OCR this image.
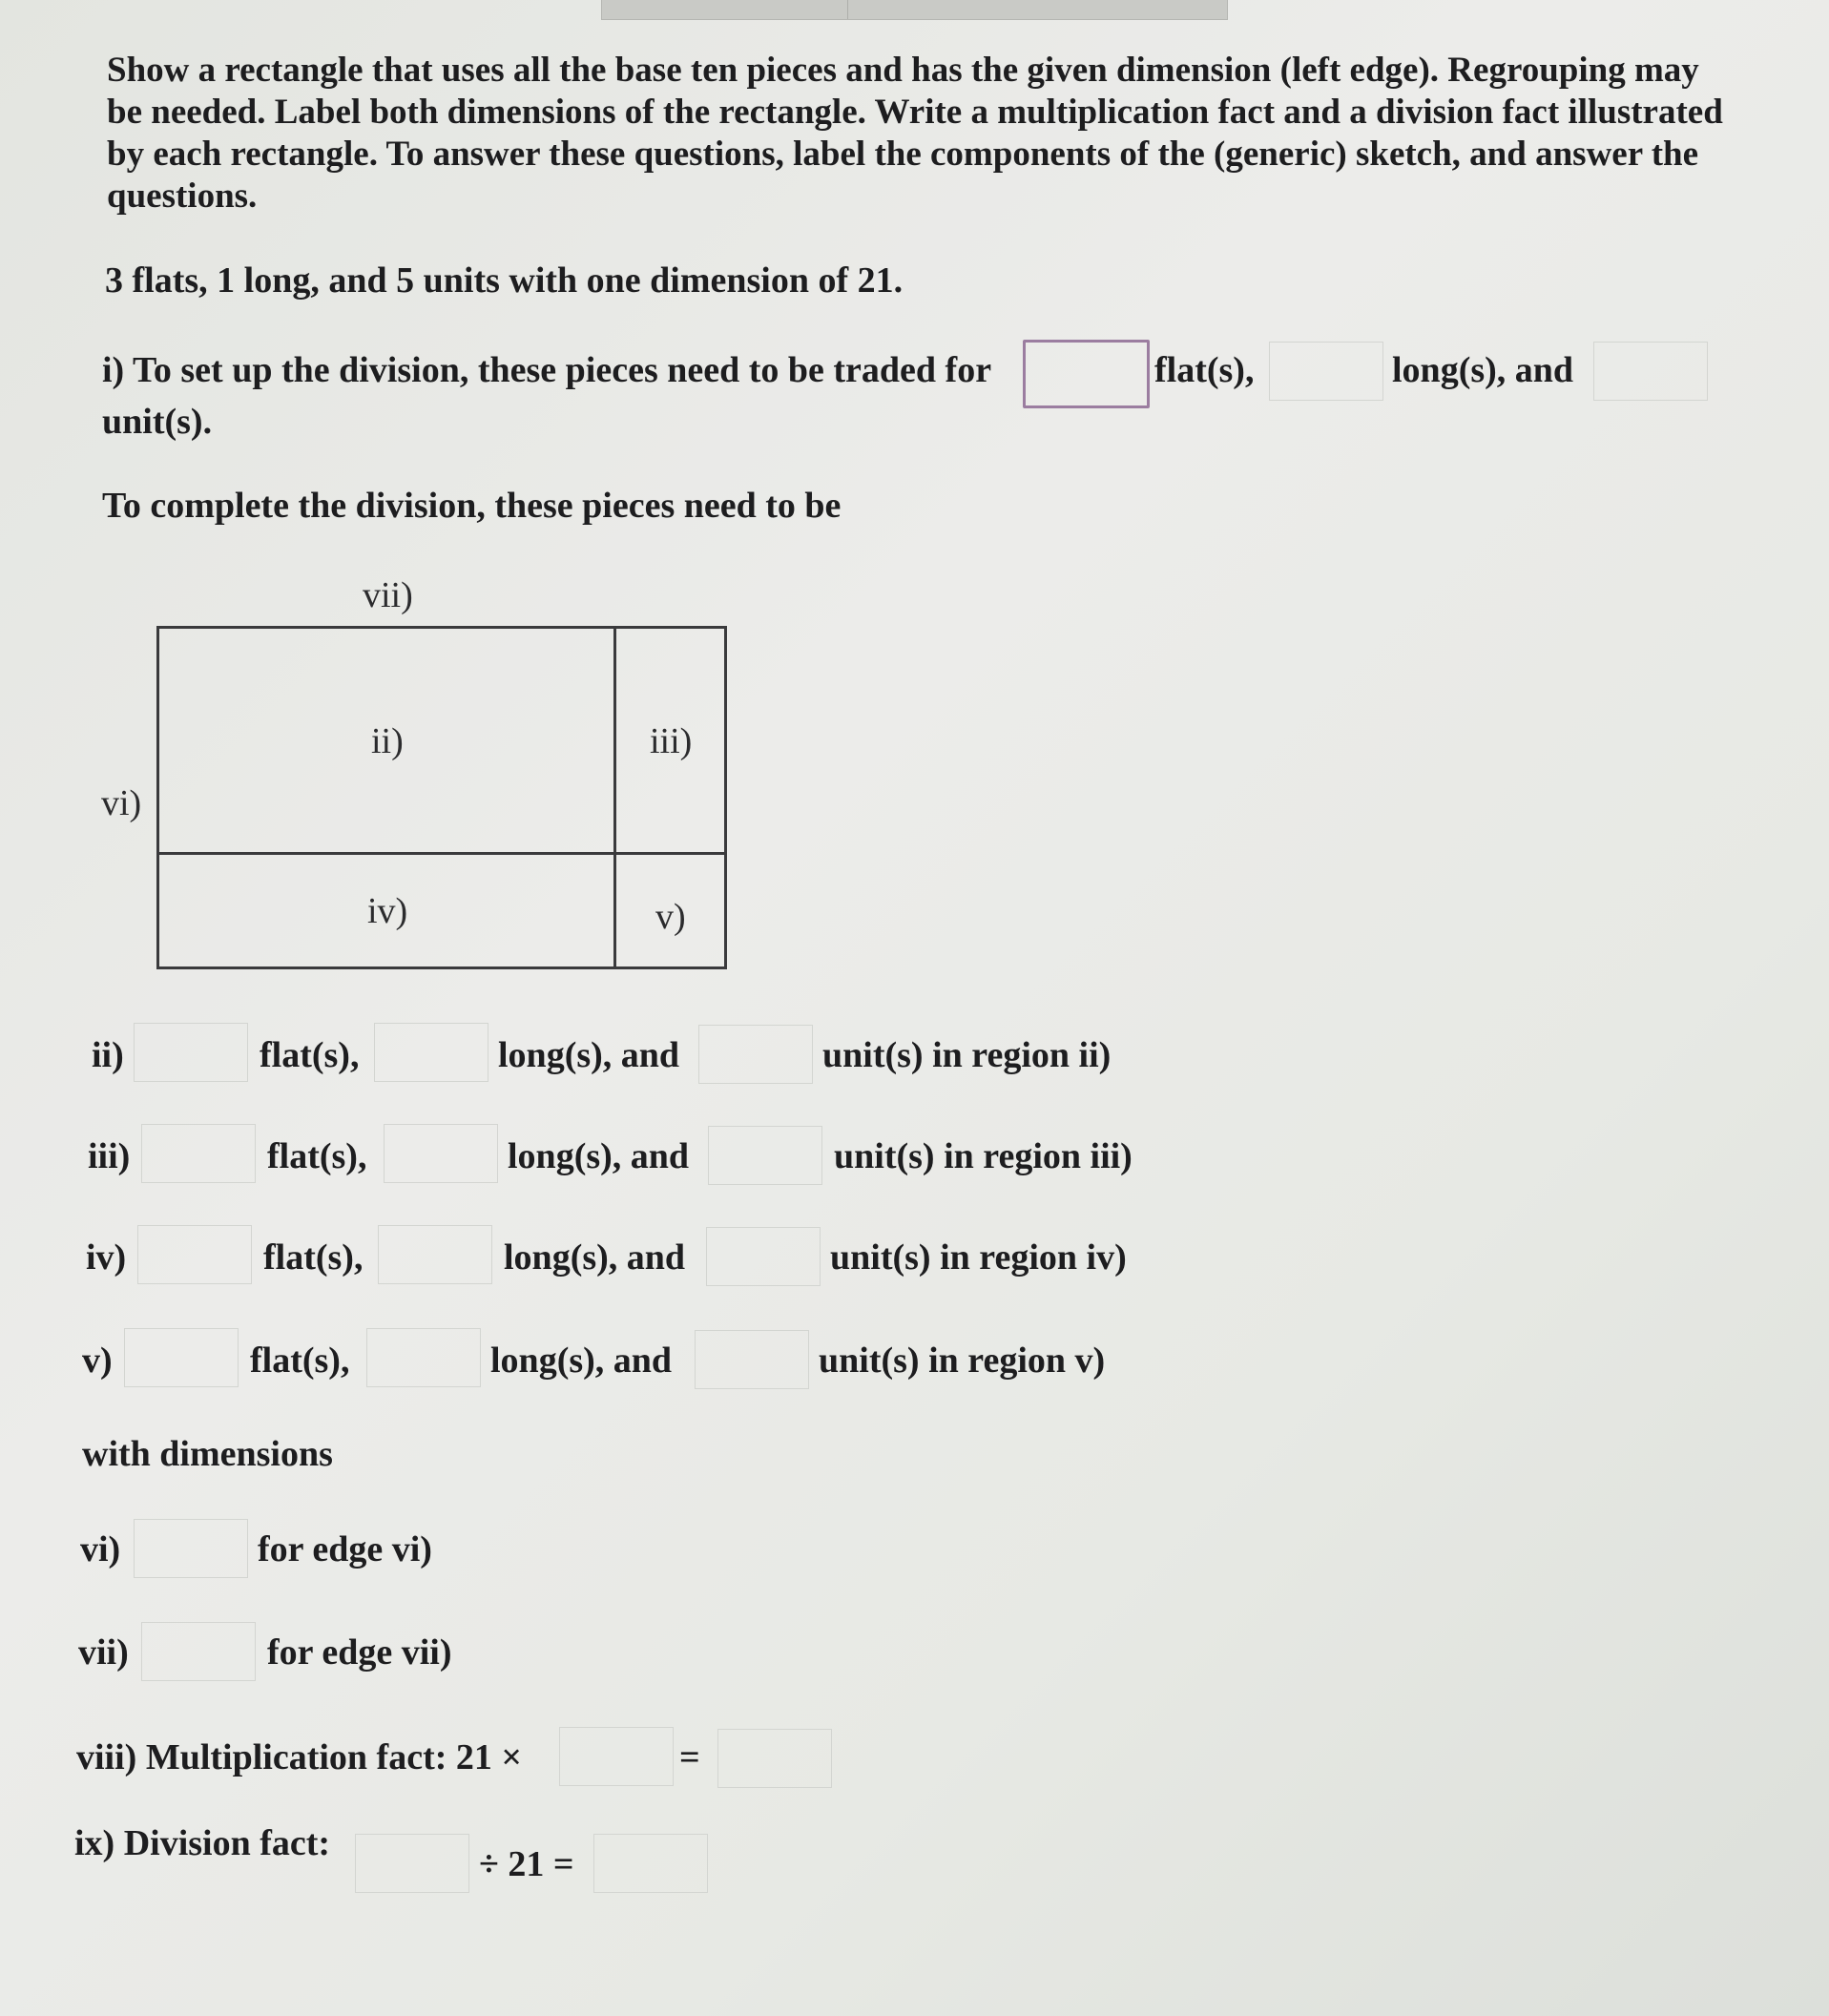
Show a rectangle that uses all the base ten pieces and has the given dimension (left edge). Regrouping may be needed. Label both dimensions of the rectangle. Write a multiplication fact and a division fact illustrated by each rectangle. To answer these questions, label the components of the (generic) sketch, and answer the questions.
3 flats, 1 long, and 5 units with one dimension of 21.
i) To set up the division, these pieces need to be traded for	flat(s),	long(s), and
unit(s).
To complete the division, these pieces need to be
vii)
vi)
ii)	iii)
iv)	v)
ii)	flat(s),	long(s), and	unit(s) in region ii)
iii)	flat(s),	long(s), and	unit(s) in region iii)
iv)	flat(s),	long(s), and	unit(s) in region iv)
v)	flat(s),	long(s), and	unit(s) in region v)
with dimensions
vi)	for edge vi)
vii)	for edge vii)
viii) Multiplication fact: 21 ×	=
ix) Division fact:
÷ 21 =
